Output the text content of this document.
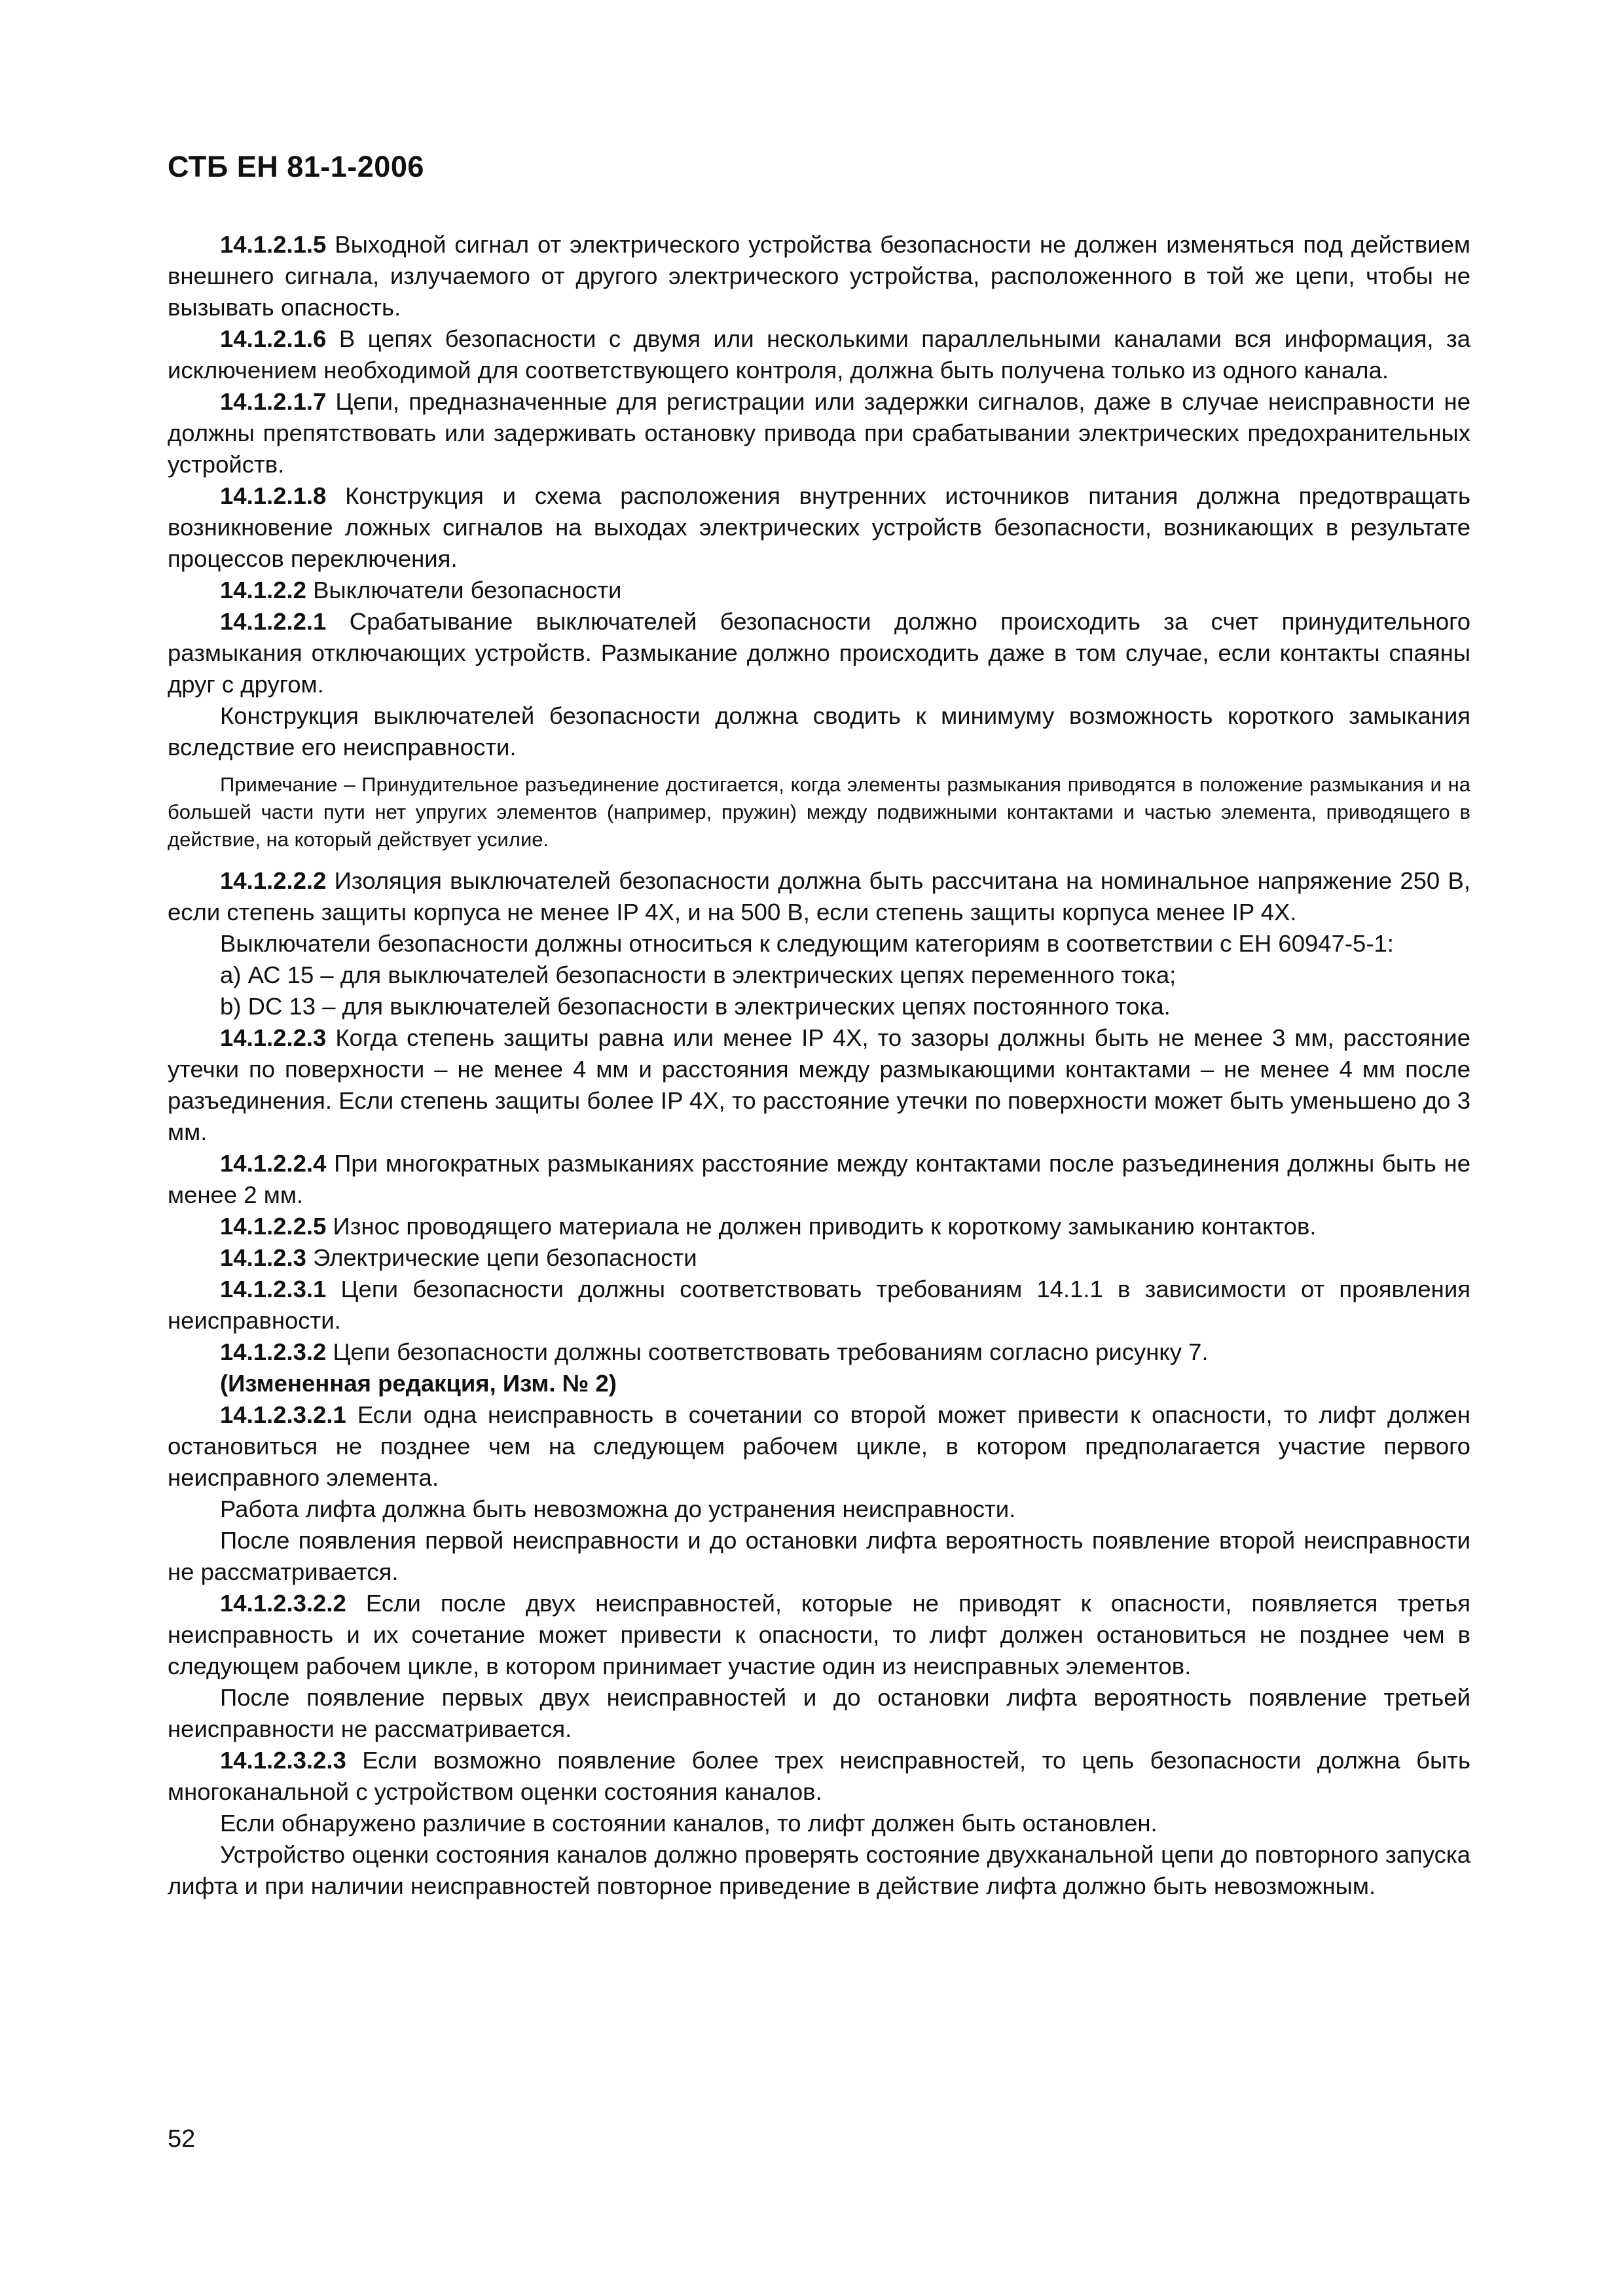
СТБ ЕН 81-1-2006

14.1.2.1.5 Выходной сигнал от электрического устройства безопасности не должен изменяться под действием внешнего сигнала, излучаемого от другого электрического устройства, расположенного в той же цепи, чтобы не вызывать опасность.

14.1.2.1.6 В цепях безопасности с двумя или несколькими параллельными каналами вся информация, за исключением необходимой для соответствующего контроля, должна быть получена только из одного канала.

14.1.2.1.7 Цепи, предназначенные для регистрации или задержки сигналов, даже в случае неисправности не должны препятствовать или задерживать остановку привода при срабатывании электрических предохранительных устройств.

14.1.2.1.8 Конструкция и схема расположения внутренних источников питания должна предотвращать возникновение ложных сигналов на выходах электрических устройств безопасности, возникающих в результате процессов переключения.

14.1.2.2 Выключатели безопасности

14.1.2.2.1 Срабатывание выключателей безопасности должно происходить за счет принудительного размыкания отключающих устройств. Размыкание должно происходить даже в том случае, если контакты спаяны друг с другом.

Конструкция выключателей безопасности должна сводить к минимуму возможность короткого замыкания вследствие его неисправности.

Примечание – Принудительное разъединение достигается, когда элементы размыкания приводятся в положение размыкания и на большей части пути нет упругих элементов (например, пружин) между подвижными контактами и частью элемента, приводящего в действие, на который действует усилие.

14.1.2.2.2 Изоляция выключателей безопасности должна быть рассчитана на номинальное напряжение 250 В, если степень защиты корпуса не менее IP 4X, и на 500 В, если степень защиты корпуса менее IP 4X.

Выключатели безопасности должны относиться к следующим категориям в соответствии с ЕН 60947-5-1:

a) АС 15 – для выключателей безопасности в электрических цепях переменного тока;

b) DC 13 – для выключателей безопасности в электрических цепях постоянного тока.

14.1.2.2.3 Когда степень защиты равна или менее IP 4X, то зазоры должны быть не менее 3 мм, расстояние утечки по поверхности – не менее 4 мм и расстояния между размыкающими контактами – не менее 4 мм после разъединения. Если степень защиты более IP 4X, то расстояние утечки по поверхности может быть уменьшено до 3 мм.

14.1.2.2.4 При многократных размыканиях расстояние между контактами после разъединения должны быть не менее 2 мм.

14.1.2.2.5 Износ проводящего материала не должен приводить к короткому замыканию контактов.

14.1.2.3 Электрические цепи безопасности

14.1.2.3.1 Цепи безопасности должны соответствовать требованиям 14.1.1 в зависимости от проявления неисправности.

14.1.2.3.2 Цепи безопасности должны соответствовать требованиям согласно рисунку 7.

(Измененная редакция, Изм. № 2)

14.1.2.3.2.1 Если одна неисправность в сочетании со второй может привести к опасности, то лифт должен остановиться не позднее чем на следующем рабочем цикле, в котором предполагается участие первого неисправного элемента.

Работа лифта должна быть невозможна до устранения неисправности.

После появления первой неисправности и до остановки лифта вероятность появление второй неисправности не рассматривается.

14.1.2.3.2.2 Если после двух неисправностей, которые не приводят к опасности, появляется третья неисправность и их сочетание может привести к опасности, то лифт должен остановиться не позднее чем в следующем рабочем цикле, в котором принимает участие один из неисправных элементов.

После появление первых двух неисправностей и до остановки лифта вероятность появление третьей неисправности не рассматривается.

14.1.2.3.2.3 Если возможно появление более трех неисправностей, то цепь безопасности должна быть многоканальной с устройством оценки состояния каналов.

Если обнаружено различие в состоянии каналов, то лифт должен быть остановлен.

Устройство оценки состояния каналов должно проверять состояние двухканальной цепи до повторного запуска лифта и при наличии неисправностей повторное приведение в действие лифта должно быть невозможным.

52
